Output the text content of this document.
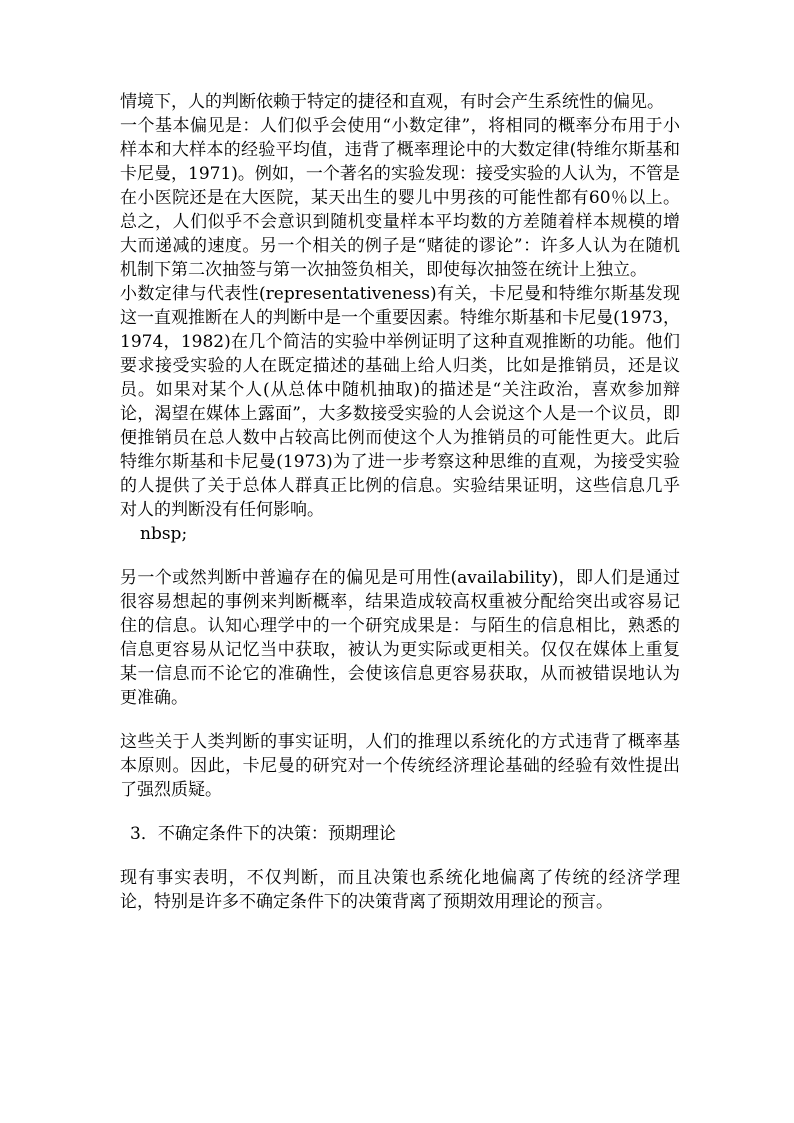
情境下，人的判断依赖于特定的捷径和直观，有时会产生系统性的偏见。

一个基本偏见是：人们似乎会使用“小数定律”，将相同的概率分布用于小样本和大样本的经验平均值，违背了概率理论中的大数定律(特维尔斯基和卡尼曼，1971)。例如，一个著名的实验发现：接受实验的人认为，不管是在小医院还是在大医院，某天出生的婴儿中男孩的可能性都有60％以上。总之，人们似乎不会意识到随机变量样本平均数的方差随着样本规模的增大而递减的速度。另一个相关的例子是“赌徒的谬论”：许多人认为在随机机制下第二次抽签与第一次抽签负相关，即使每次抽签在统计上独立。

小数定律与代表性(representativeness)有关，卡尼曼和特维尔斯基发现这一直观推断在人的判断中是一个重要因素。特维尔斯基和卡尼曼(1973，1974，1982)在几个简洁的实验中举例证明了这种直观推断的功能。他们要求接受实验的人在既定描述的基础上给人归类，比如是推销员，还是议员。如果对某个人(从总体中随机抽取)的描述是“关注政治，喜欢参加辩论，渴望在媒体上露面”，大多数接受实验的人会说这个人是一个议员，即便推销员在总人数中占较高比例而使这个人为推销员的可能性更大。此后特维尔斯基和卡尼曼(1973)为了进一步考察这种思维的直观，为接受实验的人提供了关于总体人群真正比例的信息。实验结果证明，这些信息几乎对人的判断没有任何影响。

nbsp;

另一个或然判断中普遍存在的偏见是可用性(availability)，即人们是通过很容易想起的事例来判断概率，结果造成较高权重被分配给突出或容易记住的信息。认知心理学中的一个研究成果是：与陌生的信息相比，熟悉的信息更容易从记忆当中获取，被认为更实际或更相关。仅仅在媒体上重复某一信息而不论它的准确性，会使该信息更容易获取，从而被错误地认为更准确。

这些关于人类判断的事实证明，人们的推理以系统化的方式违背了概率基本原则。因此，卡尼曼的研究对一个传统经济理论基础的经验有效性提出了强烈质疑。

3．不确定条件下的决策：预期理论

现有事实表明，不仅判断，而且决策也系统化地偏离了传统的经济学理论，特别是许多不确定条件下的决策背离了预期效用理论的预言。
